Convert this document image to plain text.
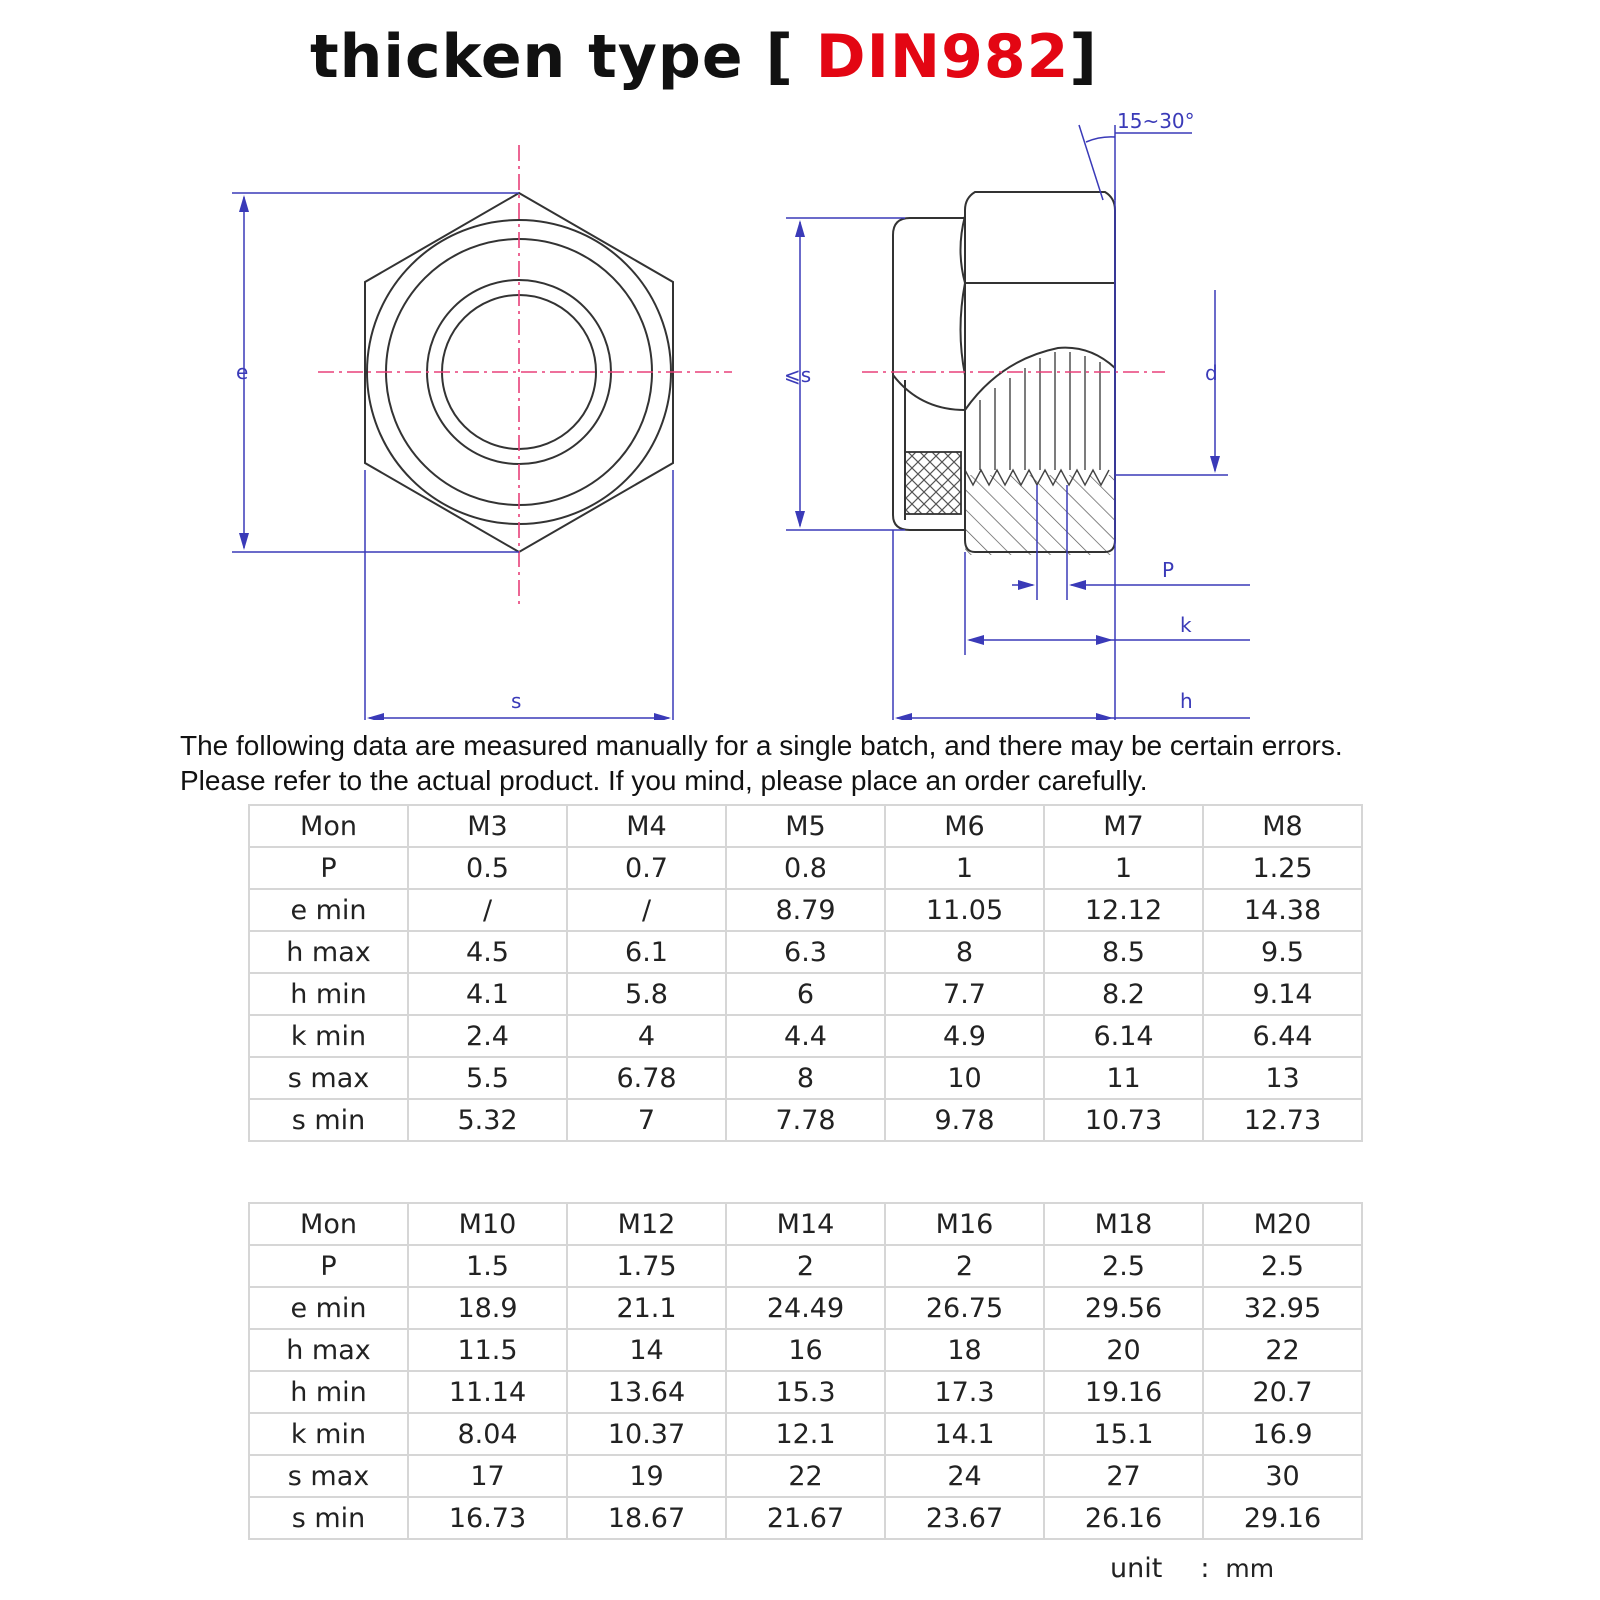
thicken type [ DIN982]
e
s
⩽s	d
P
k
h
15~30°
The following data are measured manually for a single batch, and there may be certain errors.
Please refer to the actual product. If you mind, please place an order carefully.
Mon	M3	M4	M5	M6	M7	M8
P	0.5	0.7	0.8	1	1	1.25
e min	/	/	8.79	11.05	12.12	14.38
h max	4.5	6.1	6.3	8	8.5	9.5
h min	4.1	5.8	6	7.7	8.2	9.14
k min	2.4	4	4.4	4.9	6.14	6.44
s max	5.5	6.78	8	10	11	13
s min	5.32	7	7.78	9.78	10.73	12.73
Mon	M10	M12	M14	M16	M18	M20
P	1.5	1.75	2	2	2.5	2.5
e min	18.9	21.1	24.49	26.75	29.56	32.95
h max	11.5	14	16	18	20	22
h min	11.14	13.64	15.3	17.3	19.16	20.7
k min	8.04	10.37	12.1	14.1	15.1	16.9
s max	17	19	22	24	27	30
s min	16.73	18.67	21.67	23.67	26.16	29.16
unit : mm
